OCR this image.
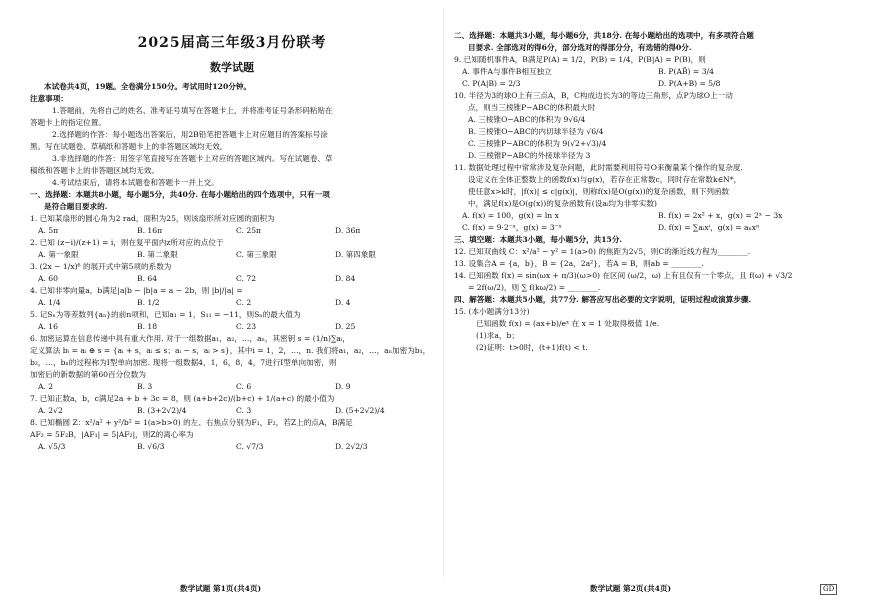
2025届高三年级3月份联考
数学试题

本试卷共4页，19题。全卷满分150分。考试用时120分钟。

注意事项：

1.答题前，先将自己的姓名、准考证号填写在答题卡上，并将准考证号条形码粘贴在

答题卡上的指定位置。

2.选择题的作答：每小题选出答案后，用2B铅笔把答题卡上对应题目的答案标号涂

黑。写在试题卷、草稿纸和答题卡上的非答题区域均无效。

3.非选择题的作答：用签字笔直接写在答题卡上对应的答题区域内。写在试题卷、草

稿纸和答题卡上的非答题区域均无效。

4.考试结束后，请将本试题卷和答题卡一并上交。

一、选择题：本题共8小题，每小题5分，共40分. 在每小题给出的四个选项中，只有一项

是符合题目要求的.

1. 已知某扇形的圆心角为2 rad，面积为25，则该扇形所对应圆的面积为

A. 5π	B. 16π	C. 25π	D. 36π

2. 已知 (z−i)/(z+1) = i，则在复平面内z所对应的点位于

A. 第一象限	B. 第二象限	C. 第三象限	D. 第四象限

3. (2x − 1/x)⁶ 的展开式中第5项的系数为

A. 60	B. 64	C. 72	D. 84

4. 已知非零向量a，b满足|a|b − |b|a = a − 2b，则 |b|/|a| =

A. 1/4	B. 1/2	C. 2	D. 4

5. 记Sₙ为等差数列{aₙ}的前n项和，已知a₁ = 1，S₁₁ = −11，则Sₙ的最大值为

A. 16	B. 18	C. 23	D. 25

6. 加密运算在信息传递中具有重大作用. 对于一组数据a₁，a₂，…，aₙ，其密钥 s = (1/n)∑aᵢ，

定义算法 bᵢ = aᵢ ⊕ s = {aᵢ + s，aᵢ ≤ s；aᵢ − s，aᵢ > s}，其中i = 1，2，…，n. 我们将a₁，a₂，…，aₙ加密为b₁，

b₂，…，bₙ的过程称为Ⅰ型单向加密. 现将一组数据4，1，6，8，4，7进行Ⅰ型单向加密，则

加密后的新数据的第60百分位数为

A. 2	B. 3	C. 6	D. 9

7. 已知正数a，b，c满足2a + b + 3c = 8，则 (a+b+2c)/(b+c) + 1/(a+c) 的最小值为

A. 2√2	B. (3+2√2)/4	C. 3	D. (5+2√2)/4

8. 已知椭圆 Z：x²/a² + y²/b² = 1(a>b>0) 的左、右焦点分别为F₁，F₂，若Z上的点A，B满足

AF₂ = 5F₂B，|AF₁| = 5|AF₂|，则Z的离心率为

A. √5/3	B. √6/3	C. √7/3	D. 2√2/3

二、选择题：本题共3小题，每小题6分，共18分. 在每小题给出的选项中，有多项符合题

目要求. 全部选对的得6分，部分选对的得部分分，有选错的得0分.

9. 已知随机事件A，B满足P(A) = 1/2，P(B) = 1/4，P(B|A) = P(B)，则

A. 事件A与事件B相互独立	B. P(AB̄) = 3/4
C. P(A|B) = 2/3	D. P(A+B) = 5/8

10. 半径为3的球O上有三点A，B，C构成边长为3的等边三角形，点P为球O上一动

点，则当三棱锥P−ABC的体积最大时

A. 三棱锥O−ABC的体积为 9√6/4

B. 三棱锥O−ABC的内切球半径为 √6/4

C. 三棱锥P−ABC的体积为 9(√2+√3)/4

D. 三棱锥P−ABC的外接球半径为 3

11. 数据处理过程中常常涉及复杂问题，此时需要利用符号O来衡量某个操作的复杂度.

设定义在全体正整数上的函数f(x)与g(x)，若存在正常数c，同时存在常数k∈N*，

使任意x>k时，|f(x)| ≤ c|g(x)|，则称f(x)是O(g(x))的复杂函数，则下列函数

中，满足f(x)是O(g(x))的复杂函数有(设aᵢ均为非零实数)

A. f(x) = 100，g(x) = ln x	B. f(x) = 2x² + x，g(x) = 2ˣ − 3x
C. f(x) = 9·2⁻ˣ，g(x) = 3⁻ˣ	D. f(x) = ∑aᵢxⁱ，g(x) = aₙxⁿ

三、填空题：本题共3小题，每小题5分，共15分.

12. 已知双曲线 C：x²/a² − y² = 1(a>0) 的焦距为2√5，则C的渐近线方程为________.

13. 设集合A = {a，b}，B = {2a，2a²}，若A = B，则ab = ________.

14. 已知函数 f(x) = sin(ωx + π/3)(ω>0) 在区间 (ω/2，ω) 上有且仅有一个零点，且 f(ω) + √3/2

= 2f(ω/2)，则 ∑ f(kω/2) = ________.

四、解答题：本题共5小题，共77分. 解答应写出必要的文字说明，证明过程或演算步骤.

15. (本小题满分13分)

已知函数 f(x) = (ax+b)/eˣ 在 x = 1 处取得极值 1/e.

(1)求a，b；

(2)证明：t>0时，(t+1)f(t) < t.

数学试题 第1页(共4页)	数学试题 第2页(共4页)	GD
